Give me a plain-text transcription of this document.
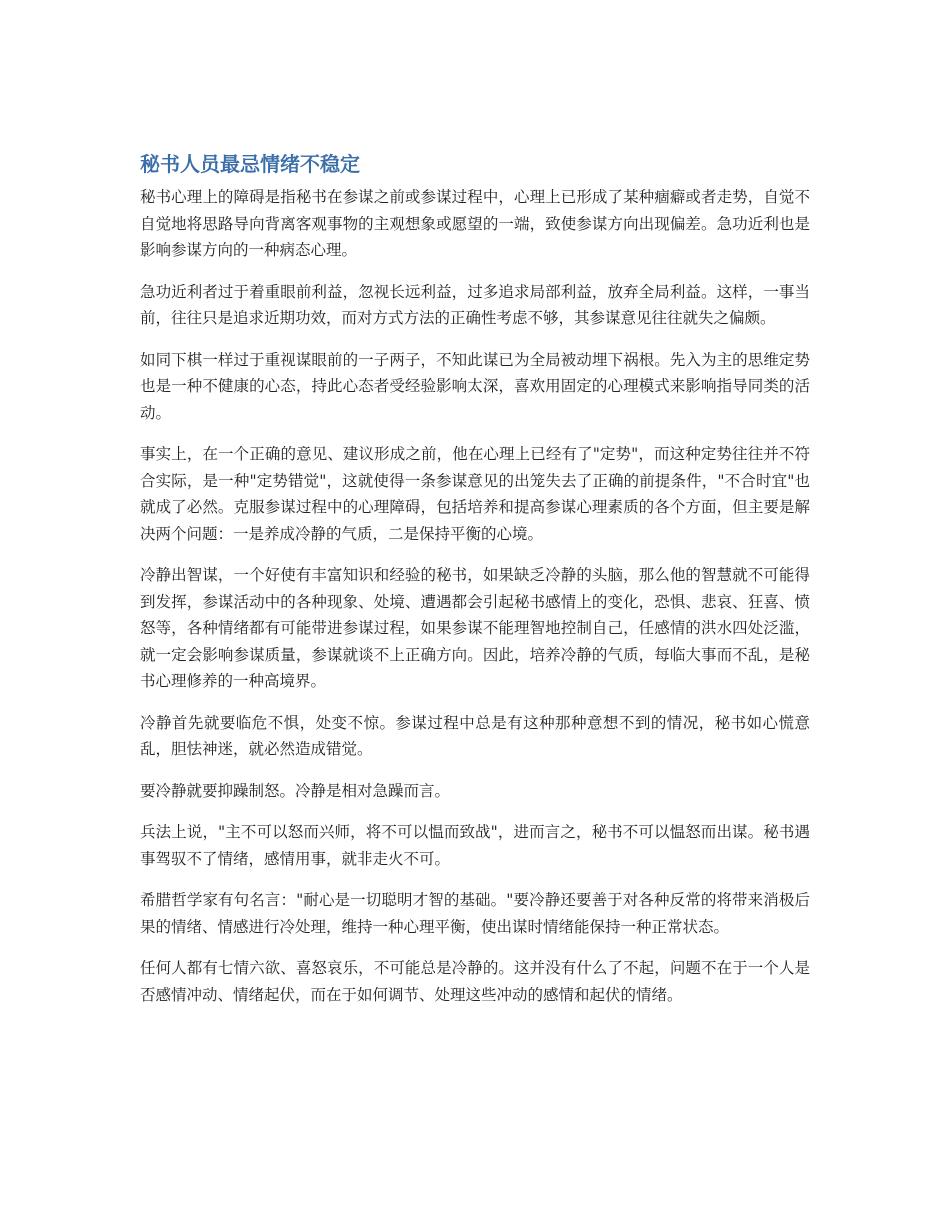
秘书人员最忌情绪不稳定

秘书心理上的障碍是指秘书在参谋之前或参谋过程中，心理上已形成了某种痼癖或者走势，自觉不自觉地将思路导向背离客观事物的主观想象或愿望的一端，致使参谋方向出现偏差。急功近利也是影响参谋方向的一种病态心理。

急功近利者过于着重眼前利益，忽视长远利益，过多追求局部利益，放弃全局利益。这样，一事当前，往往只是追求近期功效，而对方式方法的正确性考虑不够，其参谋意见往往就失之偏颇。

如同下棋一样过于重视谋眼前的一子两子，不知此谋已为全局被动埋下祸根。先入为主的思维定势也是一种不健康的心态，持此心态者受经验影响太深，喜欢用固定的心理模式来影响指导同类的活动。

事实上，在一个正确的意见、建议形成之前，他在心理上已经有了"定势"，而这种定势往往并不符合实际，是一种"定势错觉"，这就使得一条参谋意见的出笼失去了正确的前提条件，"不合时宜"也就成了必然。克服参谋过程中的心理障碍，包括培养和提高参谋心理素质的各个方面，但主要是解决两个问题：一是养成冷静的气质，二是保持平衡的心境。

冷静出智谋，一个好使有丰富知识和经验的秘书，如果缺乏冷静的头脑，那么他的智慧就不可能得到发挥，参谋活动中的各种现象、处境、遭遇都会引起秘书感情上的变化，恐惧、悲哀、狂喜、愤怒等，各种情绪都有可能带进参谋过程，如果参谋不能理智地控制自己，任感情的洪水四处泛滥，就一定会影响参谋质量，参谋就谈不上正确方向。因此，培养冷静的气质，每临大事而不乱，是秘书心理修养的一种高境界。

冷静首先就要临危不惧，处变不惊。参谋过程中总是有这种那种意想不到的情况，秘书如心慌意乱，胆怯神迷，就必然造成错觉。

要冷静就要抑躁制怒。冷静是相对急躁而言。

兵法上说，"主不可以怒而兴师，将不可以愠而致战"，进而言之，秘书不可以愠怒而出谋。秘书遇事驾驭不了情绪，感情用事，就非走火不可。

希腊哲学家有句名言："耐心是一切聪明才智的基础。"要冷静还要善于对各种反常的将带来消极后果的情绪、情感进行冷处理，维持一种心理平衡，使出谋时情绪能保持一种正常状态。

任何人都有七情六欲、喜怒哀乐，不可能总是冷静的。这并没有什么了不起，问题不在于一个人是否感情冲动、情绪起伏，而在于如何调节、处理这些冲动的感情和起伏的情绪。
